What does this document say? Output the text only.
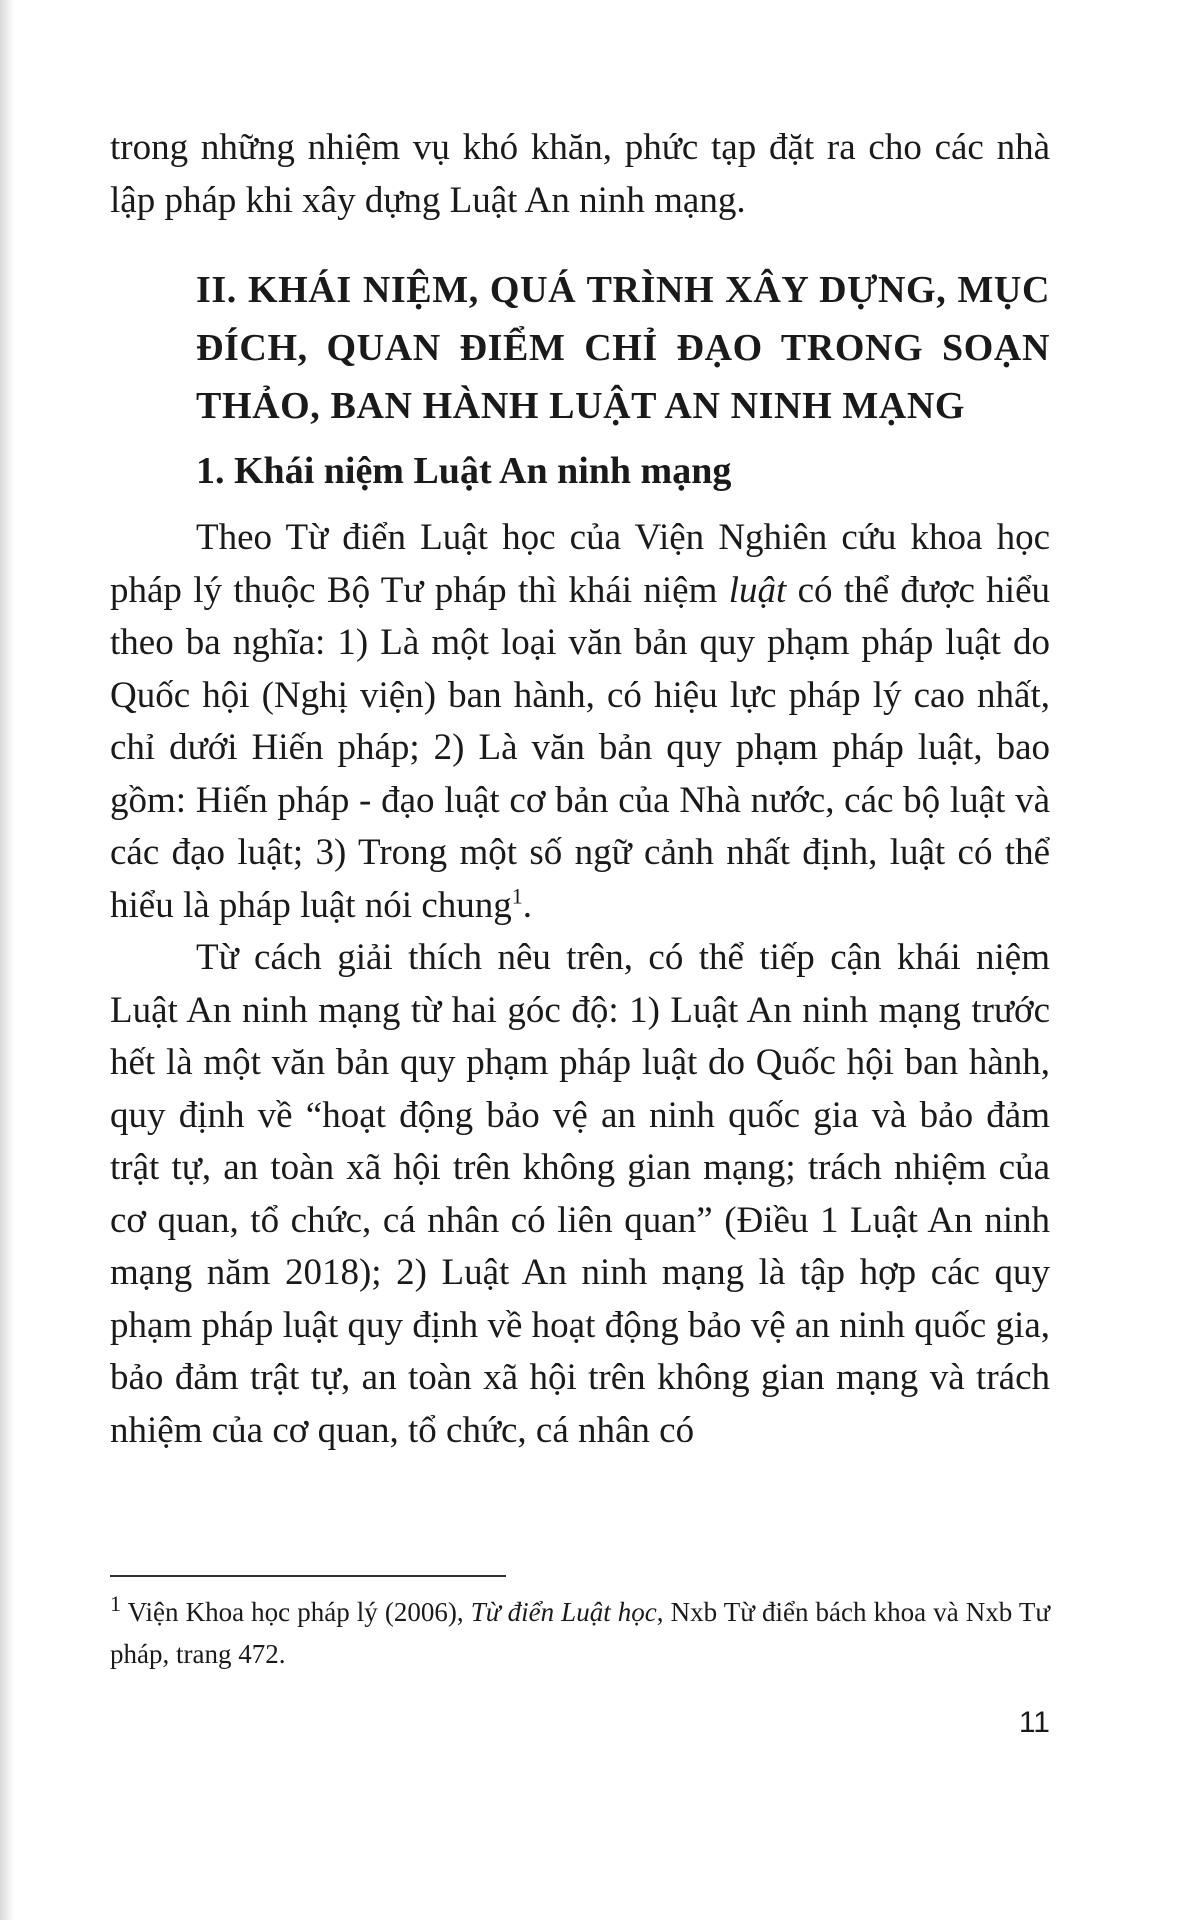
trong những nhiệm vụ khó khăn, phức tạp đặt ra cho các nhà lập pháp khi xây dựng Luật An ninh mạng.

II. KHÁI NIỆM, QUÁ TRÌNH XÂY DỰNG, MỤC ĐÍCH, QUAN ĐIỂM CHỈ ĐẠO TRONG SOẠN THẢO, BAN HÀNH LUẬT AN NINH MẠNG
1. Khái niệm Luật An ninh mạng

Theo Từ điển Luật học của Viện Nghiên cứu khoa học pháp lý thuộc Bộ Tư pháp thì khái niệm luật có thể được hiểu theo ba nghĩa: 1) Là một loại văn bản quy phạm pháp luật do Quốc hội (Nghị viện) ban hành, có hiệu lực pháp lý cao nhất, chỉ dưới Hiến pháp; 2) Là văn bản quy phạm pháp luật, bao gồm: Hiến pháp - đạo luật cơ bản của Nhà nước, các bộ luật và các đạo luật; 3) Trong một số ngữ cảnh nhất định, luật có thể hiểu là pháp luật nói chung$^1$.

Từ cách giải thích nêu trên, có thể tiếp cận khái niệm Luật An ninh mạng từ hai góc độ: 1) Luật An ninh mạng trước hết là một văn bản quy phạm pháp luật do Quốc hội ban hành, quy định về “hoạt động bảo vệ an ninh quốc gia và bảo đảm trật tự, an toàn xã hội trên không gian mạng; trách nhiệm của cơ quan, tổ chức, cá nhân có liên quan” (Điều 1 Luật An ninh mạng năm 2018); 2) Luật An ninh mạng là tập hợp các quy phạm pháp luật quy định về hoạt động bảo vệ an ninh quốc gia, bảo đảm trật tự, an toàn xã hội trên không gian mạng và trách nhiệm của cơ quan, tổ chức, cá nhân có

$^1$ Viện Khoa học pháp lý (2006), Từ điển Luật học, Nxb Từ điển bách khoa và Nxb Tư pháp, trang 472.

11
